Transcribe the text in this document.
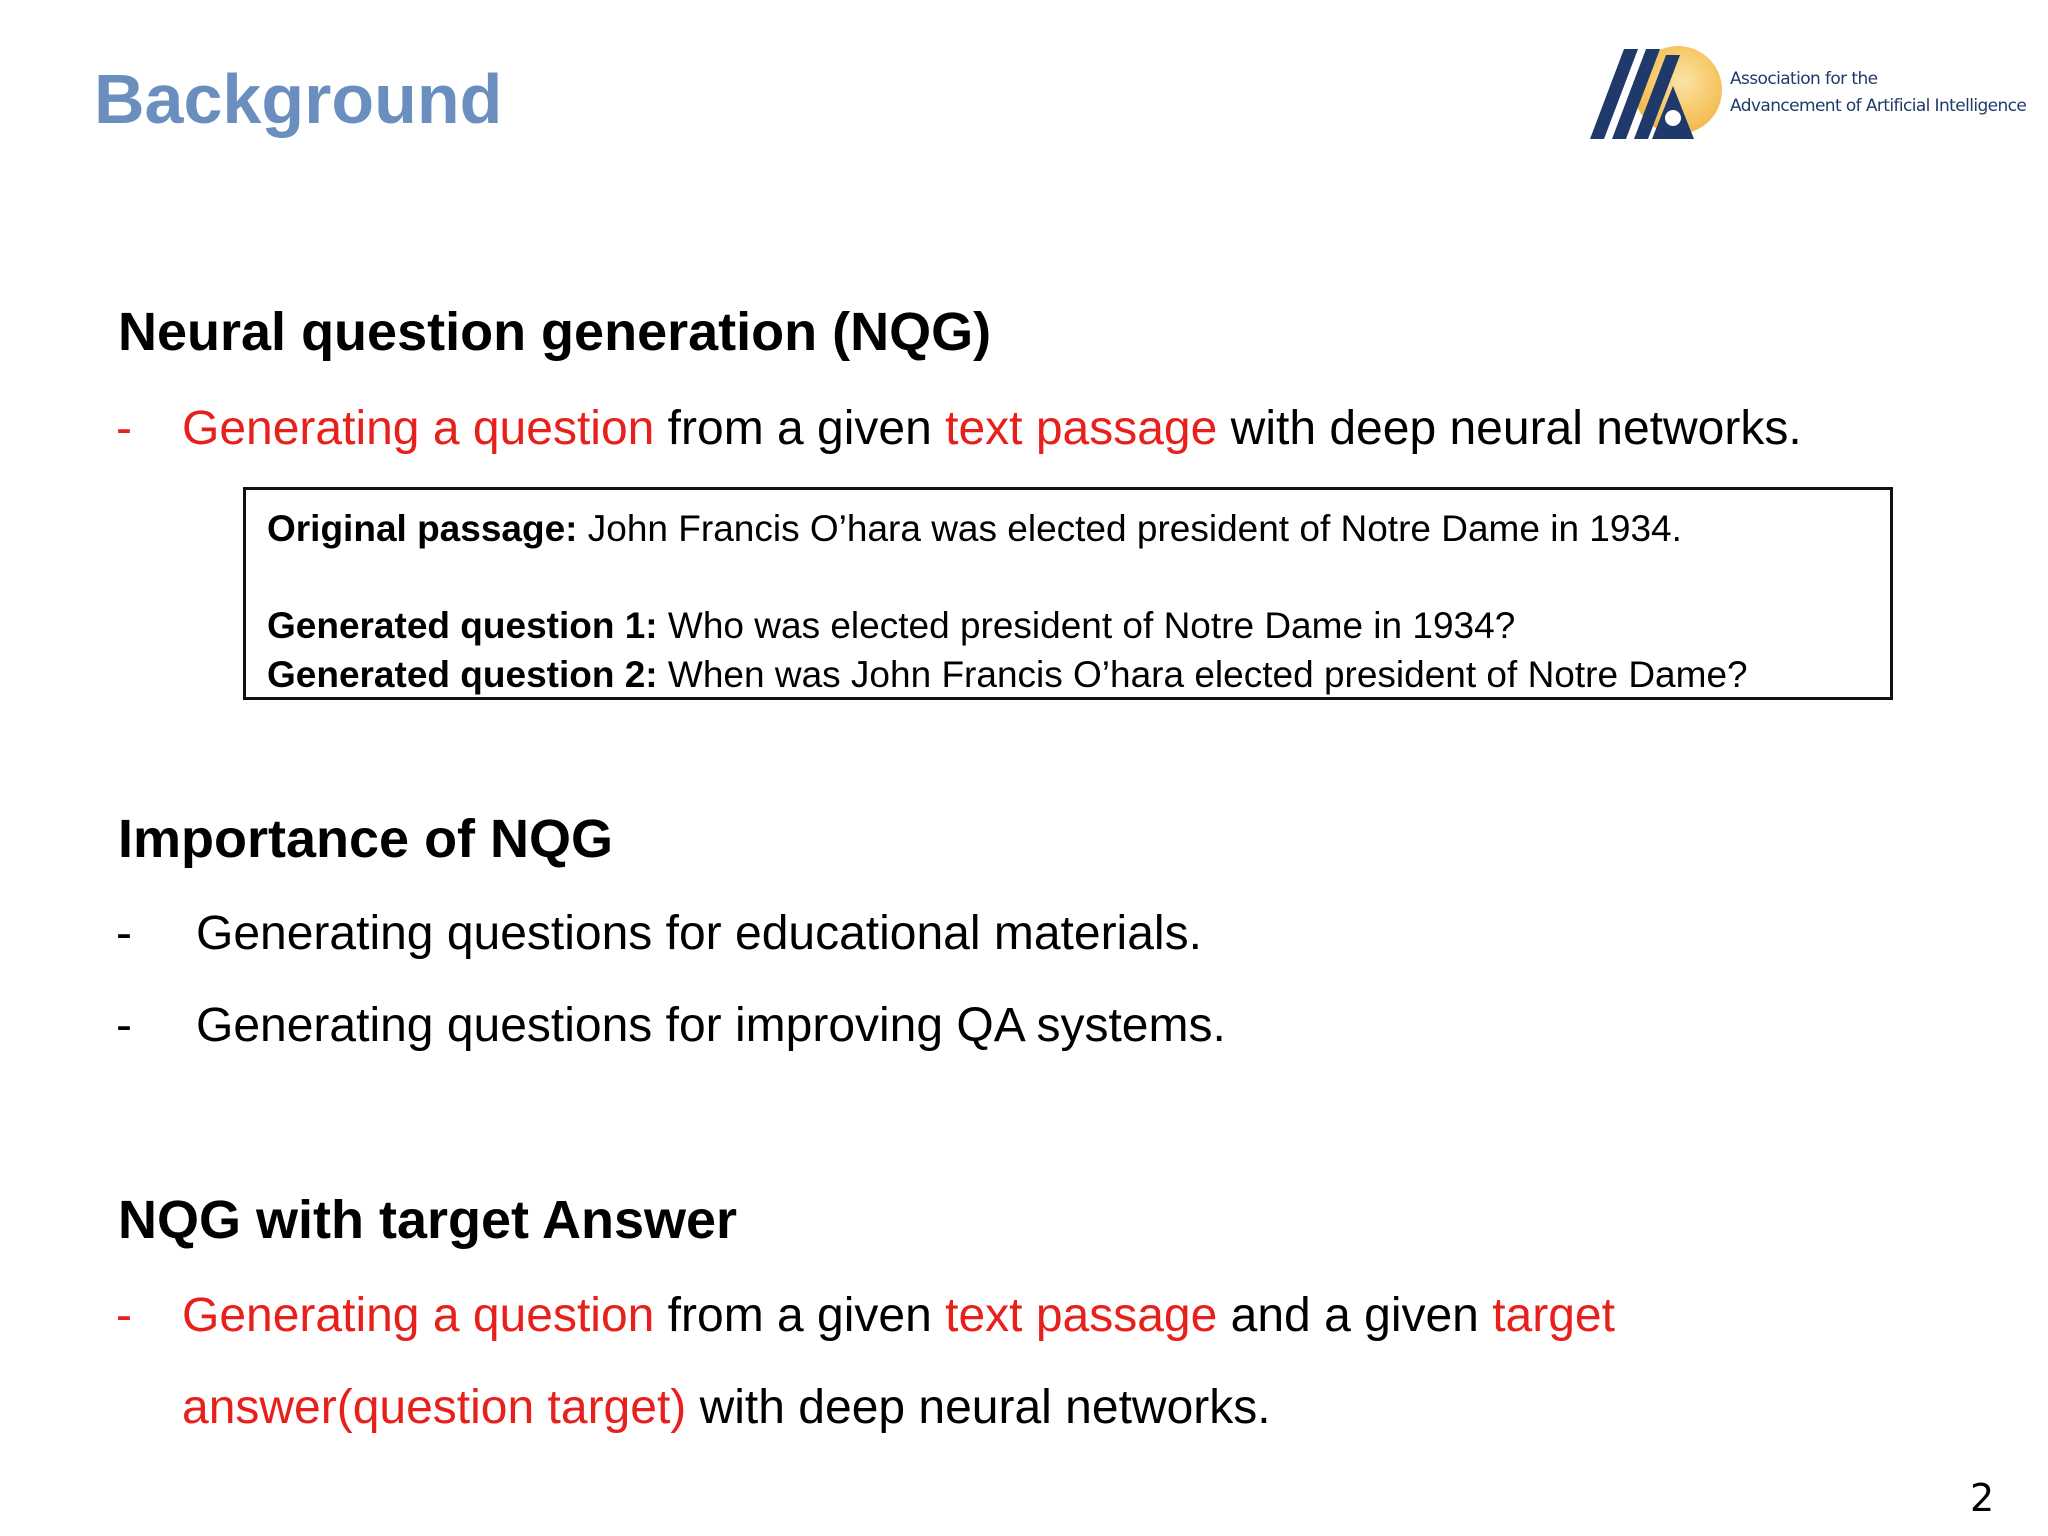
Background	Association for the
Advancement of Artificial Intelligence
Neural question generation (NQG)
- Generating a question from a given text passage with deep neural networks.
Original passage: John Francis O’hara was elected president of Notre Dame in 1934.
Generated question 1: Who was elected president of Notre Dame in 1934?
Generated question 2: When was John Francis O’hara elected president of Notre Dame?
Importance of NQG
- Generating questions for educational materials.
- Generating questions for improving QA systems.
NQG with target Answer
- Generating a question from a given text passage and a given target
answer(question target) with deep neural networks.
2
